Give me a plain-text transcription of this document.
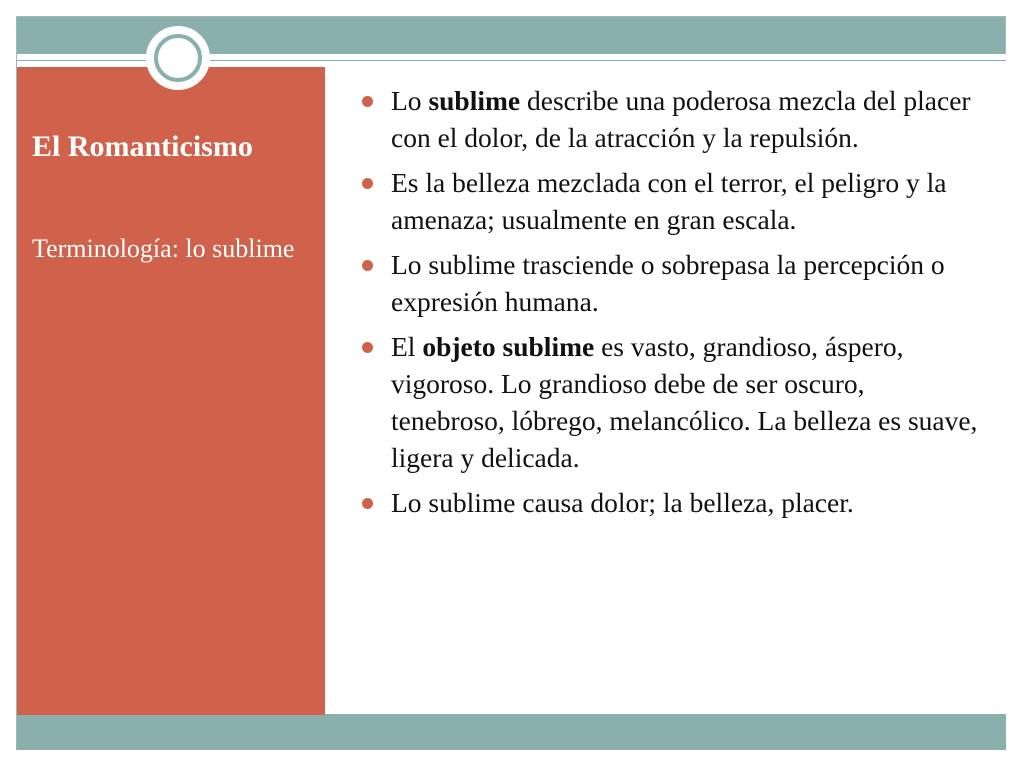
El Romanticismo
Terminología: lo sublime
Lo sublime describe una poderosa mezcla del placer con el dolor, de la atracción y la repulsión.
Es la belleza mezclada con el terror, el peligro y la amenaza; usualmente en gran escala.
Lo sublime trasciende o sobrepasa la percepción o expresión humana.
El objeto sublime es vasto, grandioso, áspero, vigoroso. Lo grandioso debe de ser oscuro, tenebroso, lóbrego, melancólico. La belleza es suave, ligera y delicada.
Lo sublime causa dolor; la belleza, placer.
